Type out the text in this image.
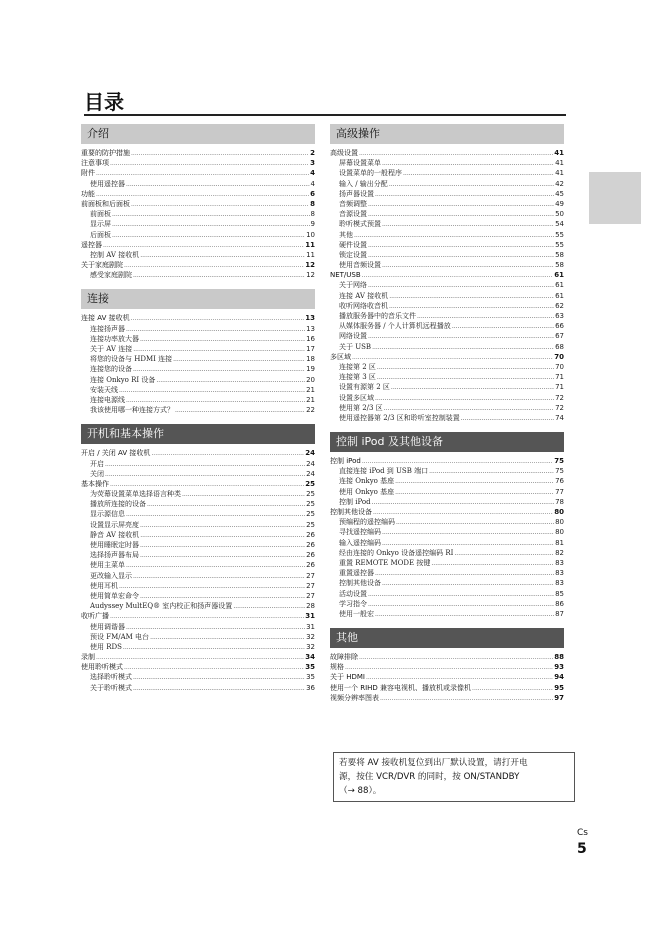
目录
介绍
重要的防护措施 .....	2
注意事项 .....	3
附件 .....	4
使用遥控器 .....	4
功能 .....	6
前面板和后面板 .....	8
前面板 .....	8
显示屏 .....	9
后面板 .....	10
遥控器 .....	11
控制 AV 接收机 .....	11
关于家庭剧院 .....	12
感受家庭剧院 .....	12
连接
连接 AV 接收机 .....	13
连接扬声器 .....	13
连接功率放大器 .....	16
关于 AV 连接 .....	17
将您的设备与 HDMI 连接 .....	18
连接您的设备 .....	19
连接 Onkyo RI 设备 .....	20
安装天线 .....	21
连接电源线 .....	21
我该使用哪一种连接方式？ .....	22
开机和基本操作
开启 / 关闭 AV 接收机 .....	24
开启 .....	24
关闭 .....	24
基本操作 .....	25
为荧幕设置菜单选择语言种类 .....	25
播放所连接的设备 .....	25
显示源信息 .....	25
设置显示屏亮度 .....	25
静音 AV 接收机 .....	26
使用睡眠定时器 .....	26
选择扬声器布局 .....	26
使用主菜单 .....	26
更改输入显示 .....	27
使用耳机 .....	27
使用简单宏命令 .....	27
Audyssey MultEQ® 室内校正和扬声器设置 .....	28
收听广播 .....	31
使用调谐器 .....	31
预设 FM/AM 电台 .....	32
使用 RDS .....	32
录制 .....	34
使用聆听模式 .....	35
选择聆听模式 .....	35
关于聆听模式 .....	36
高级操作
高级设置 .....	41
屏幕设置菜单 .....	41
设置菜单的一般程序 .....	41
输入 / 输出分配 .....	42
扬声器设置 .....	45
音频调整 .....	49
音源设置 .....	50
聆听模式预置 .....	54
其他 .....	55
硬件设置 .....	55
锁定设置 .....	58
使用音频设置 .....	58
NET/USB .....	61
关于网络 .....	61
连接 AV 接收机 .....	61
收听网络收音机 .....	62
播放服务器中的音乐文件 .....	63
从媒体服务器 / 个人计算机远程播放 .....	66
网络设置 .....	67
关于 USB .....	68
多区域 .....	70
连接第 2 区 .....	70
连接第 3 区 .....	71
设置有源第 2 区 .....	71
设置多区域 .....	72
使用第 2/3 区 .....	72
使用遥控器第 2/3 区和聆听室控制装置 .....	74
控制 iPod 及其他设备
控制 iPod .....	75
直接连接 iPod 到 USB 端口 .....	75
连接 Onkyo 基座 .....	76
使用 Onkyo 基座 .....	77
控制 iPod .....	78
控制其他设备 .....	80
预编程的遥控编码 .....	80
寻找遥控编码 .....	80
输入遥控编码 .....	81
经由连接的 Onkyo 设备遥控编码 RI .....	82
重置 REMOTE MODE 按键 .....	83
重置遥控器 .....	83
控制其他设备 .....	83
活动设置 .....	85
学习指令 .....	86
使用一般宏 .....	87
其他
故障排除 .....	88
规格 .....	93
关于 HDMI .....	94
使用一个 RIHD 兼容电视机、播放机或录像机 .....	95
视频分辨率图表 .....	97
若要将 AV 接收机复位到出厂默认设置，请打开电
源，按住 VCR/DVR 的同时，按 ON/STANDBY
（→ 88）。
Cs
5
